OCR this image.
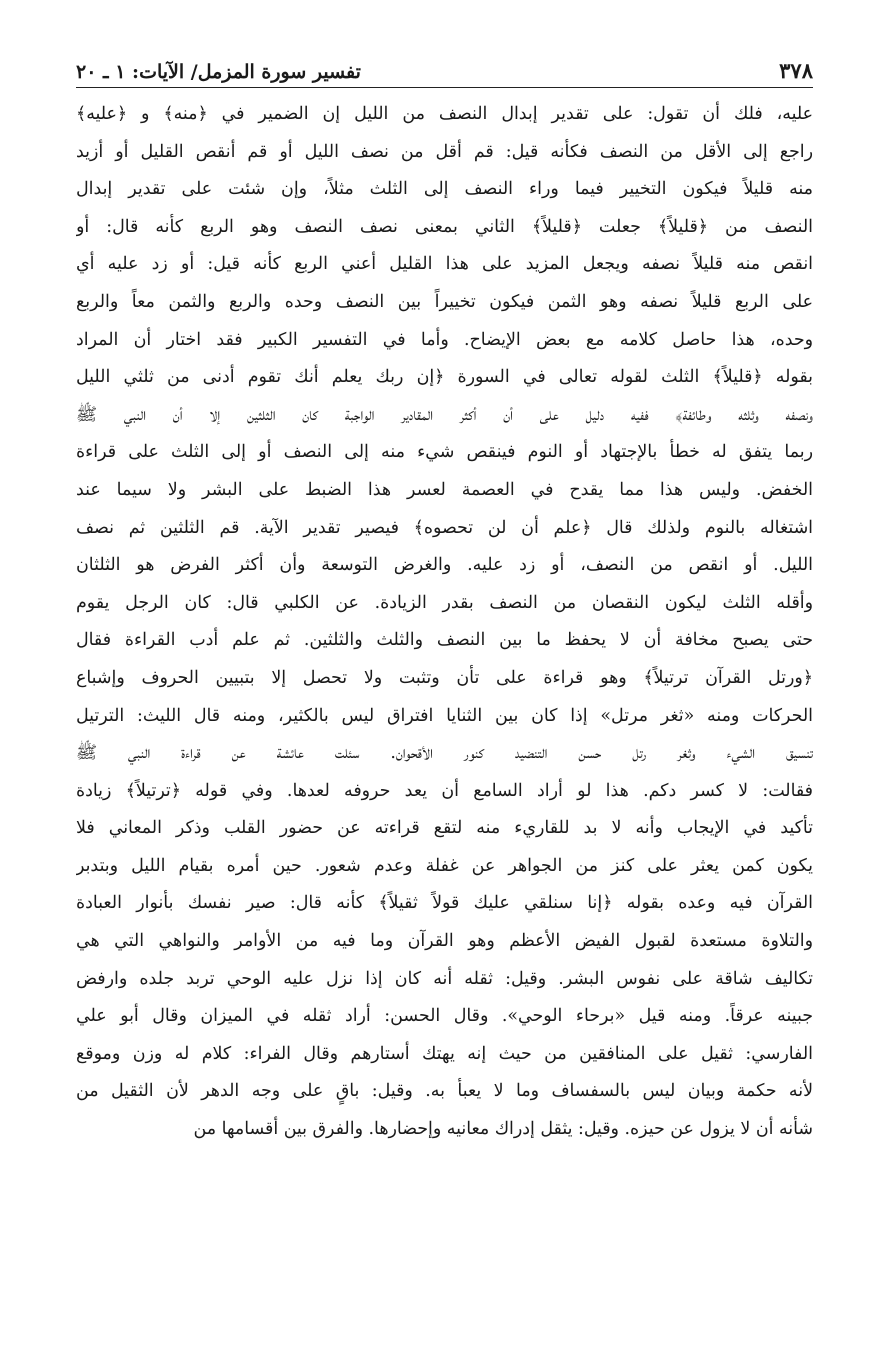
٣٧٨
تفسير سورة المزمل/ الآيات: ١ ـ ٢٠
عليه، فلك أن تقول: على تقدير إبدال النصف من الليل إن الضمير في ﴿منه﴾ و ﴿عليه﴾
راجع إلى الأقل من النصف فكأنه قيل: قم أقل من نصف الليل أو قم أنقص القليل أو أزيد
منه قليلاً فيكون التخيير فيما وراء النصف إلى الثلث مثلاً، وإن شئت على تقدير إبدال
النصف من ﴿قليلاً﴾ جعلت ﴿قليلاً﴾ الثاني بمعنى نصف النصف وهو الربع كأنه قال: أو
انقص منه قليلاً نصفه ويجعل المزيد على هذا القليل أعني الربع كأنه قيل: أو زد عليه أي
على الربع قليلاً نصفه وهو الثمن فيكون تخييراً بين النصف وحده والربع والثمن معاً والربع
وحده، هذا حاصل كلامه مع بعض الإيضاح. وأما في التفسير الكبير فقد اختار أن المراد
بقوله ﴿قليلاً﴾ الثلث لقوله تعالى في السورة ﴿إن ربك يعلم أنك تقوم أدنى من ثلثي الليل
ونصفه وثلثه وطائفة﴾ ففيه دليل على أن أكثر المقادير الواجبة كان الثلثين إلا أن النبي ﷺ
ربما يتفق له خطأ بالإجتهاد أو النوم فينقص شيء منه إلى النصف أو إلى الثلث على قراءة
الخفض. وليس هذا مما يقدح في العصمة لعسر هذا الضبط على البشر ولا سيما عند
اشتغاله بالنوم ولذلك قال ﴿علم أن لن تحصوه﴾ فيصير تقدير الآية. قم الثلثين ثم نصف
الليل. أو انقص من النصف، أو زد عليه. والغرض التوسعة وأن أكثر الفرض هو الثلثان
وأقله الثلث ليكون النقصان من النصف بقدر الزيادة. عن الكلبي قال: كان الرجل يقوم
حتى يصبح مخافة أن لا يحفظ ما بين النصف والثلث والثلثين. ثم علم أدب القراءة فقال
﴿ورتل القرآن ترتيلاً﴾ وهو قراءة على تأن وتثبت ولا تحصل إلا بتبيين الحروف وإشباع
الحركات ومنه «ثغر مرتل» إذا كان بين الثنايا افتراق ليس بالكثير، ومنه قال الليث: الترتيل
تنسيق الشيء وثغر رتل حسن التنضيد كنور الأقحوان. سئلت عائشة عن قراءة النبي ﷺ
فقالت: لا كسر دكم. هذا لو أراد السامع أن يعد حروفه لعدها. وفي قوله ﴿ترتيلاً﴾ زيادة
تأكيد في الإيجاب وأنه لا بد للقاريء منه لتقع قراءته عن حضور القلب وذكر المعاني فلا
يكون كمن يعثر على كنز من الجواهر عن غفلة وعدم شعور. حين أمره بقيام الليل وبتدبر
القرآن فيه وعده بقوله ﴿إنا سنلقي عليك قولاً ثقيلاً﴾ كأنه قال: صير نفسك بأنوار العبادة
والتلاوة مستعدة لقبول الفيض الأعظم وهو القرآن وما فيه من الأوامر والنواهي التي هي
تكاليف شاقة على نفوس البشر. وقيل: ثقله أنه كان إذا نزل عليه الوحي تربد جلده وارفض
جبينه عرقاً. ومنه قيل «برحاء الوحي». وقال الحسن: أراد ثقله في الميزان وقال أبو علي
الفارسي: ثقيل على المنافقين من حيث إنه يهتك أستارهم وقال الفراء: كلام له وزن وموقع
لأنه حكمة وبيان ليس بالسفساف وما لا يعبأ به. وقيل: باقٍ على وجه الدهر لأن الثقيل من
شأنه أن لا يزول عن حيزه. وقيل: يثقل إدراك معانيه وإحضارها. والفرق بين أقسامها من
